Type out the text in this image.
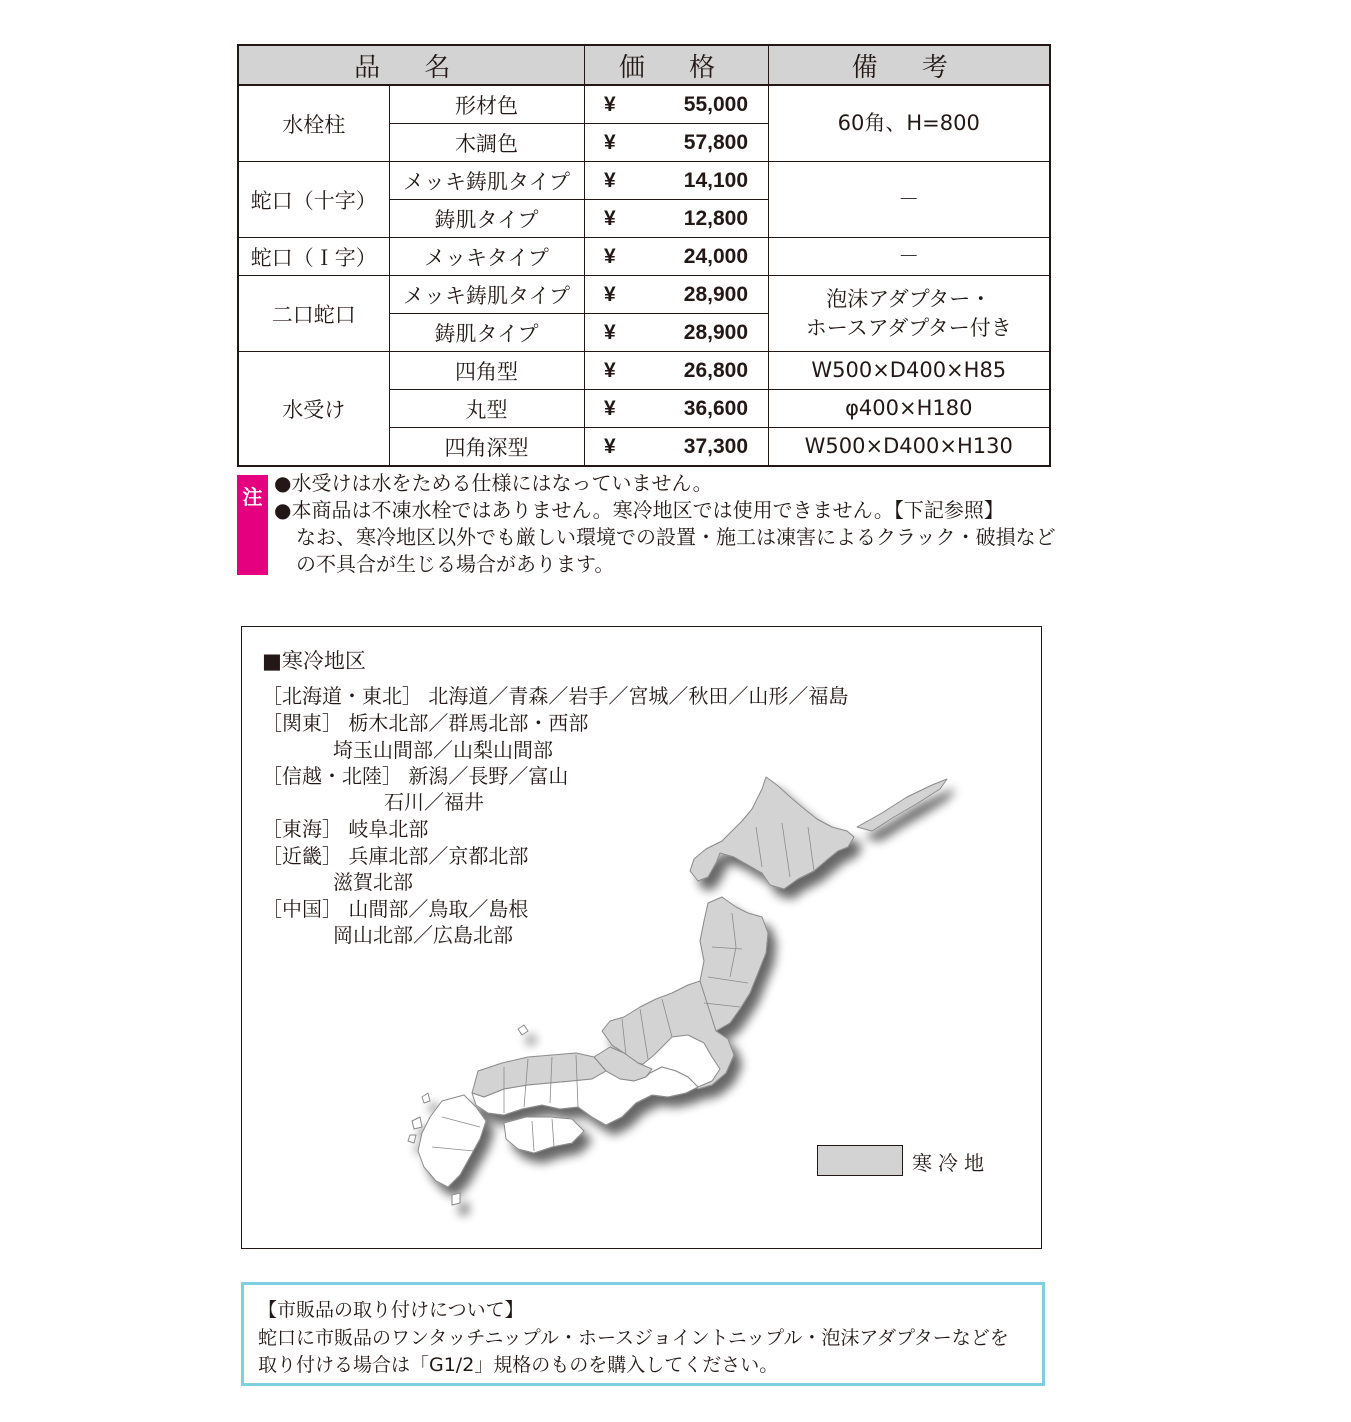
品 名		価 格	備 考
水栓柱	形材色	¥ 55,000	60角、H=800
	木調色	¥ 57,800	
蛇口（十字）	メッキ鋳肌タイプ	¥ 14,100	－
	鋳肌タイプ	¥ 12,800	
蛇口（Ｉ字）	メッキタイプ	¥ 24,000	－
二口蛇口	メッキ鋳肌タイプ	¥ 28,900	泡沫アダプター・
ホースアダプター付き

	鋳肌タイプ	¥ 28,900	
水受け	四角型	¥ 26,800	W500×D400×H85
	丸型	¥ 36,600	φ400×H180
	四角深型	¥ 37,300	W500×D400×H130
注
●水受けは水をためる仕様にはなっていません。
●本商品は不凍水栓ではありません。寒冷地区では使用できません。【下記参照】
なお、寒冷地区以外でも厳しい環境での設置・施工は凍害によるクラック・破損など
の不具合が生じる場合があります。
■寒冷地区
［北海道・東北］ 北海道／青森／岩手／宮城／秋田／山形／福島
［関東］ 栃木北部／群馬北部・西部
埼玉山間部／山梨山間部
［信越・北陸］ 新潟／長野／富山
石川／福井
［東海］ 岐阜北部
［近畿］ 兵庫北部／京都北部
滋賀北部
［中国］ 山間部／鳥取／島根
岡山北部／広島北部
寒冷地
【市販品の取り付けについて】
蛇口に市販品のワンタッチニップル・ホースジョイントニップル・泡沫アダプターなどを
取り付ける場合は「G1/2」規格のものを購入してください。
